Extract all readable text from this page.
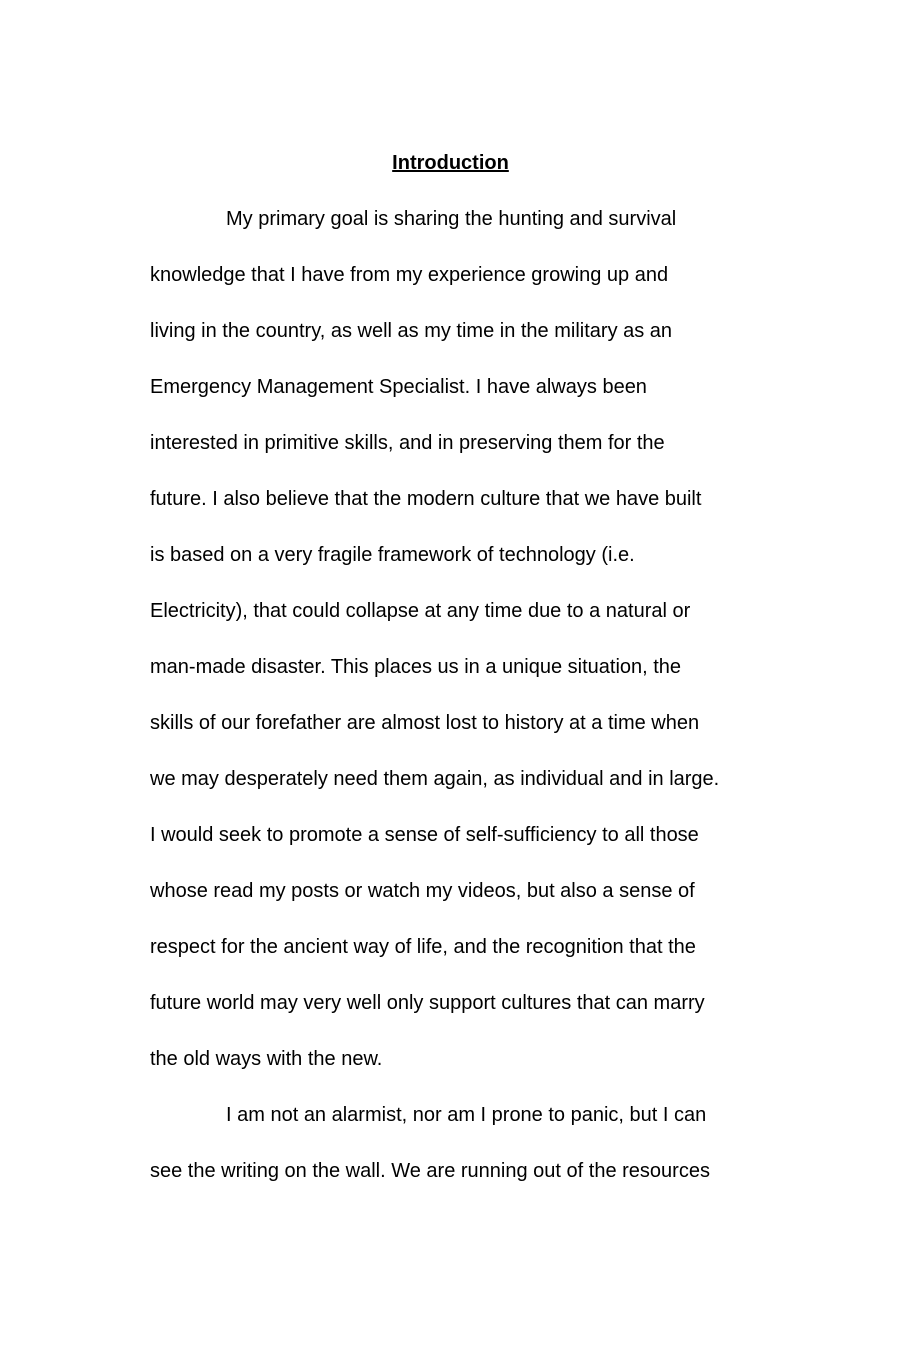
Introduction

My primary goal is sharing the hunting and survival

knowledge that I have from my experience growing up and

living in the country, as well as my time in the military as an

Emergency Management Specialist. I have always been

interested in primitive skills, and in preserving them for the

future. I also believe that the modern culture that we have built

is based on a very fragile framework of technology (i.e.

Electricity), that could collapse at any time due to a natural or

man-made disaster. This places us in a unique situation, the

skills of our forefather are almost lost to history at a time when

we may desperately need them again, as individual and in large.

I would seek to promote a sense of self-sufficiency to all those

whose read my posts or watch my videos, but also a sense of

respect for the ancient way of life, and the recognition that the

future world may very well only support cultures that can marry

the old ways with the new.

I am not an alarmist, nor am I prone to panic, but I can

see the writing on the wall. We are running out of the resources
